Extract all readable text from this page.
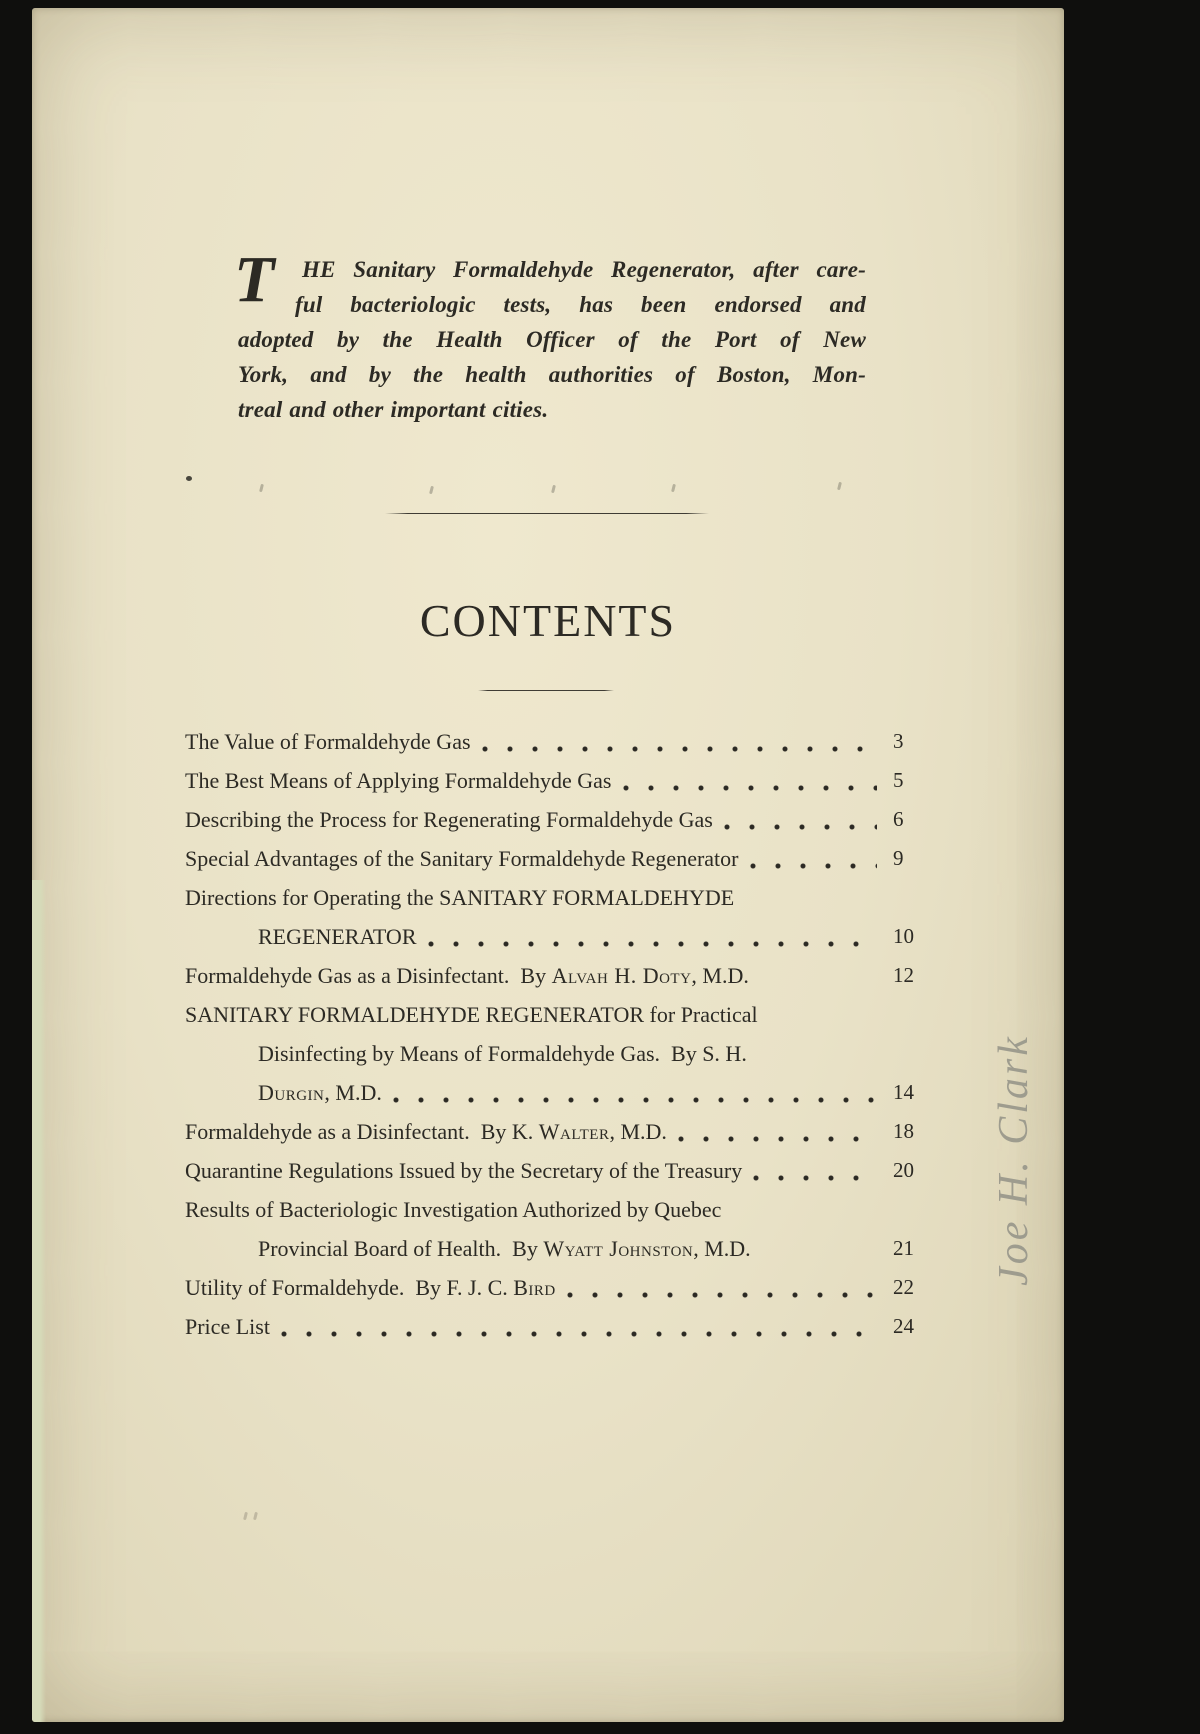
T HE Sanitary Formaldehyde Regenerator, after care-
ful bacteriologic tests, has been endorsed and
adopted by the Health Officer of the Port of New
York, and by the health authorities of Boston, Mon-
treal and other important cities.
CONTENTS
The Value of Formaldehyde Gas	3
The Best Means of Applying Formaldehyde Gas	5
Describing the Process for Regenerating Formaldehyde Gas	6
Special Advantages of the Sanitary Formaldehyde Regenerator	9
Directions for Operating the SANITARY FORMALDEHYDE
REGENERATOR	10
Formaldehyde Gas as a Disinfectant.  By Alvah H. Doty, M.D.	12
SANITARY FORMALDEHYDE REGENERATOR for Practical
Disinfecting by Means of Formaldehyde Gas.  By S. H.
Durgin, M.D.	14
Formaldehyde as a Disinfectant.  By K. Walter, M.D.	18
Quarantine Regulations Issued by the Secretary of the Treasury	20
Results of Bacteriologic Investigation Authorized by Quebec
Provincial Board of Health.  By Wyatt Johnston, M.D.	21
Utility of Formaldehyde.  By F. J. C. Bird	22
Price List	24
Joe H. Clark
